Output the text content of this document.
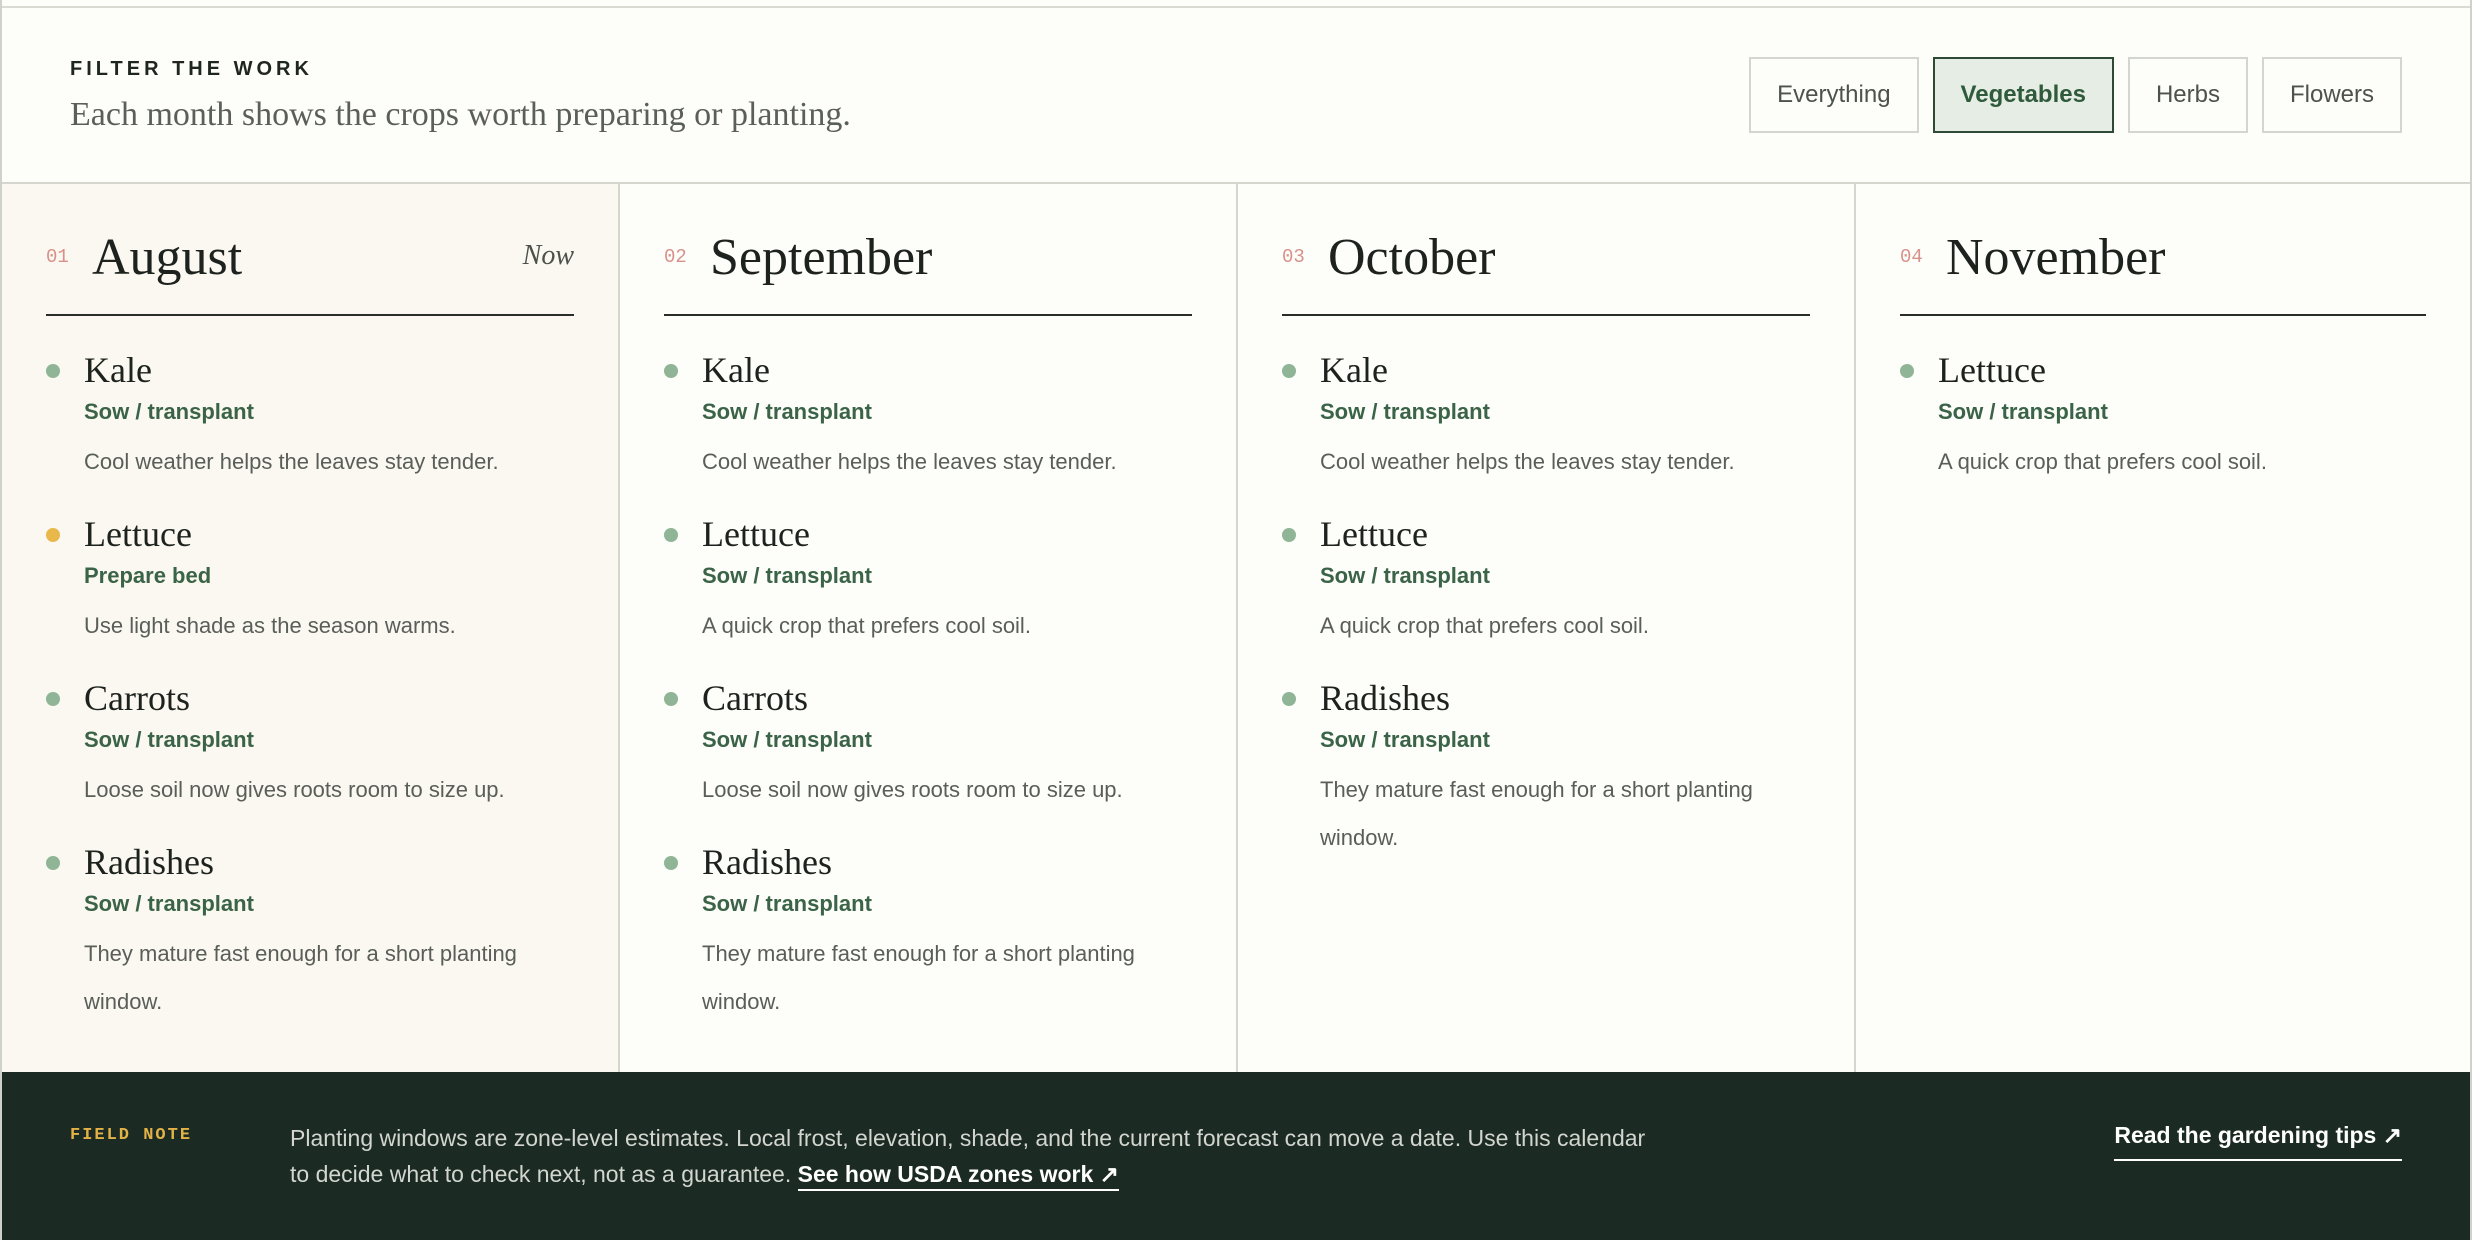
FILTER THE WORK
Each month shows the crops worth preparing or planting.
Everything	Vegetables	Herbs	Flowers
01 August	Now
Kale
Sow / transplant
Cool weather helps the leaves stay tender.
Lettuce
Prepare bed
Use light shade as the season warms.
Carrots
Sow / transplant
Loose soil now gives roots room to size up.
Radishes
Sow / transplant
They mature fast enough for a short planting window.
02 September
Kale
Sow / transplant
Cool weather helps the leaves stay tender.
Lettuce
Sow / transplant
A quick crop that prefers cool soil.
Carrots
Sow / transplant
Loose soil now gives roots room to size up.
Radishes
Sow / transplant
They mature fast enough for a short planting window.
03 October
Kale
Sow / transplant
Cool weather helps the leaves stay tender.
Lettuce
Sow / transplant
A quick crop that prefers cool soil.
Radishes
Sow / transplant
They mature fast enough for a short planting window.
04 November
Lettuce
Sow / transplant
A quick crop that prefers cool soil.
FIELD NOTE	Planting windows are zone-level estimates. Local frost, elevation, shade, and the current forecast can move a date. Use this calendar to decide what to check next, not as a guarantee. See how USDA zones work ↗

Read the gardening tips ↗
